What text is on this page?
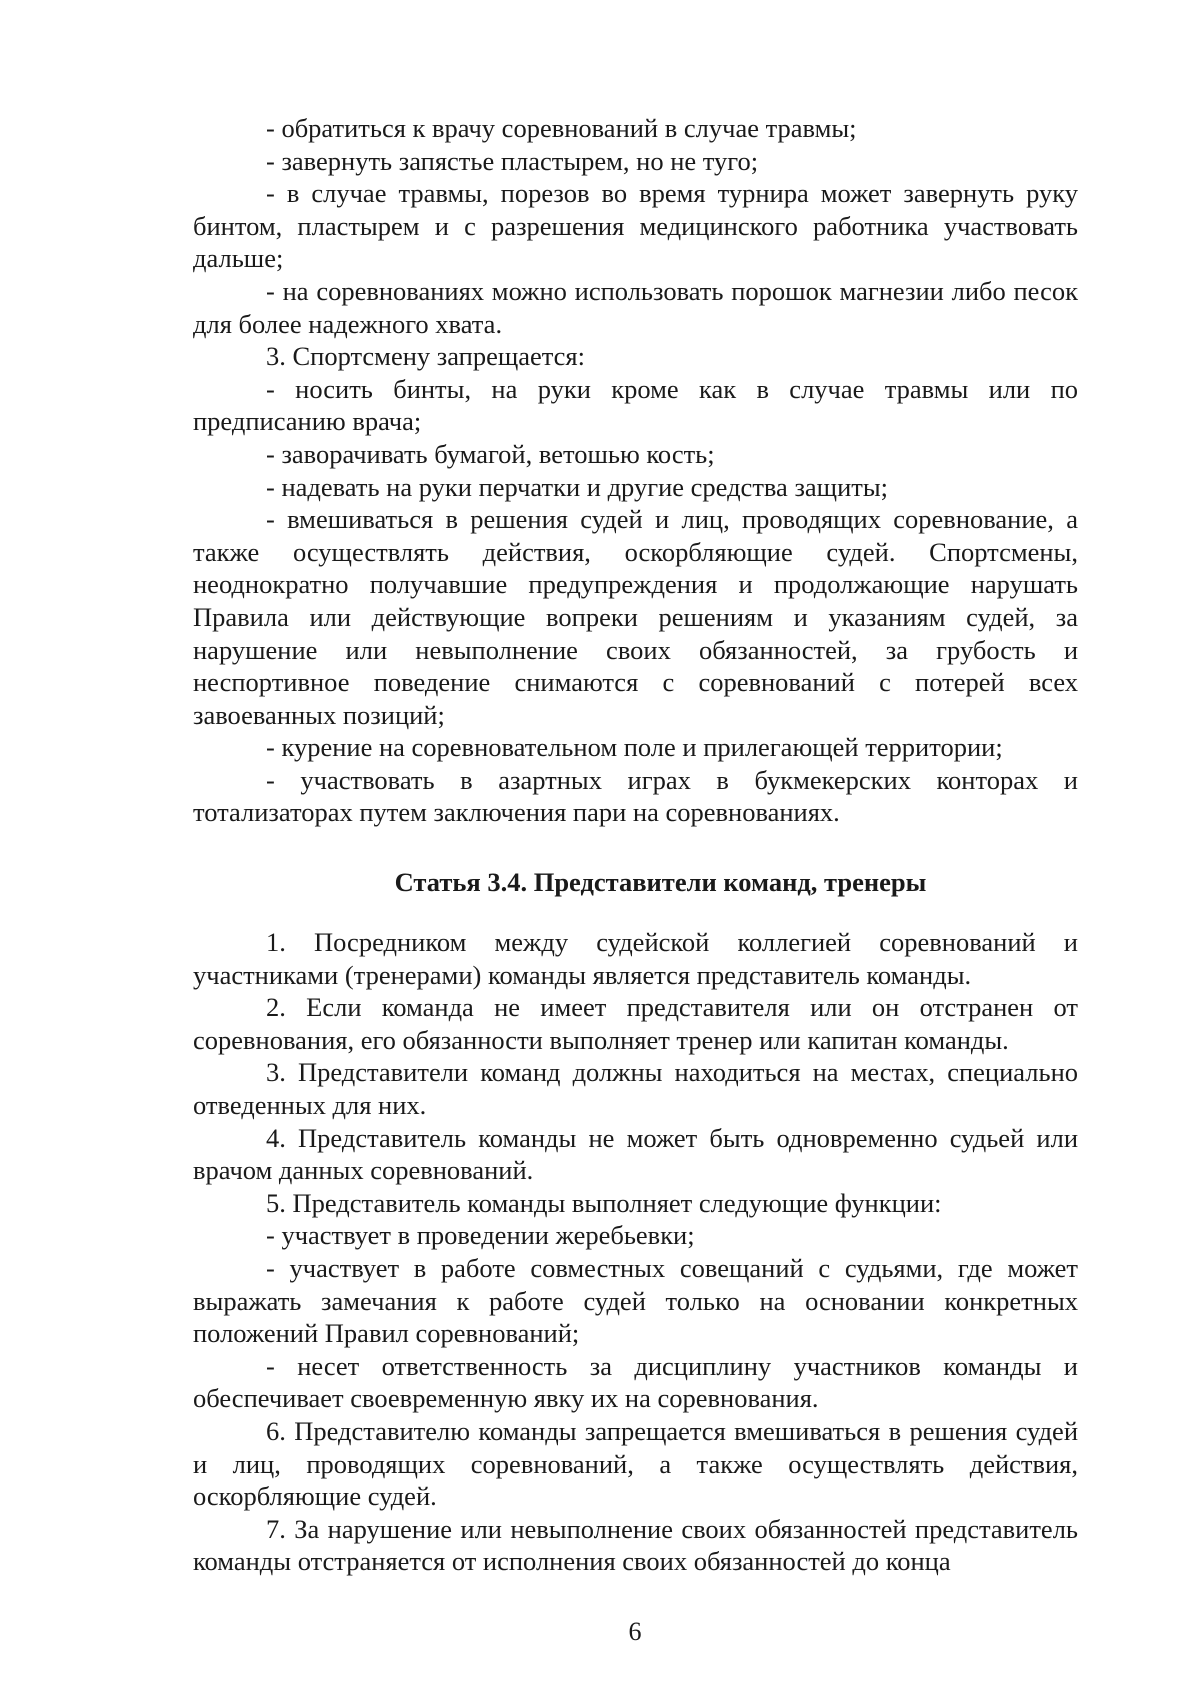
- обратиться к врачу соревнований в случае травмы;

- завернуть запястье пластырем, но не туго;

- в случае травмы, порезов во время турнира может завернуть руку бинтом, пластырем и с разрешения медицинского работника участвовать дальше;

- на соревнованиях можно использовать порошок магнезии либо песок для более надежного хвата.

3. Спортсмену запрещается:

- носить бинты, на руки кроме как в случае травмы или по предписанию врача;

- заворачивать бумагой, ветошью кость;

- надевать на руки перчатки и другие средства защиты;

- вмешиваться в решения судей и лиц, проводящих соревнование, а также осуществлять действия, оскорбляющие судей. Спортсмены, неоднократно получавшие предупреждения и продолжающие нарушать Правила или действующие вопреки решениям и указаниям судей, за нарушение или невыполнение своих обязанностей, за грубость и неспортивное поведение снимаются с соревнований с потерей всех завоеванных позиций;

- курение на соревновательном поле и прилегающей территории;

- участвовать в азартных играх в букмекерских конторах и тотализаторах путем заключения пари на соревнованиях.

Статья 3.4. Представители команд, тренеры

1. Посредником между судейской коллегией соревнований и участниками (тренерами) команды является представитель команды.

2. Если команда не имеет представителя или он отстранен от соревнования, его обязанности выполняет тренер или капитан команды.

3. Представители команд должны находиться на местах, специально отведенных для них.

4. Представитель команды не может быть одновременно судьей или врачом данных соревнований.

5. Представитель команды выполняет следующие функции:

- участвует в проведении жеребьевки;

- участвует в работе совместных совещаний с судьями, где может выражать замечания к работе судей только на основании конкретных положений Правил соревнований;

- несет ответственность за дисциплину участников команды и обеспечивает своевременную явку их на соревнования.

6. Представителю команды запрещается вмешиваться в решения судей и лиц, проводящих соревнований, а также осуществлять действия, оскорбляющие судей.

7. За нарушение или невыполнение своих обязанностей представитель команды отстраняется от исполнения своих обязанностей до конца

6
